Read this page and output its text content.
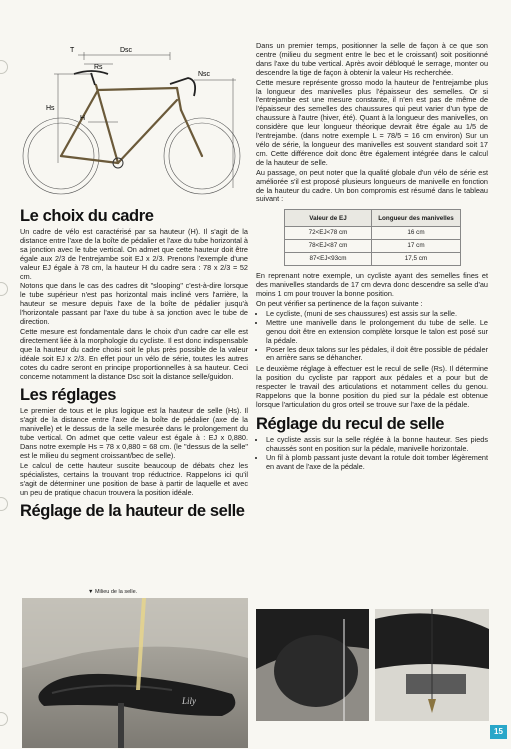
T	Dsc
Rs
Nsc
Hs
H
Le choix du cadre

Un cadre de vélo est caractérisé par sa hauteur (H). Il s'agit de la distance entre l'axe de la boîte de pédalier et l'axe du tube horizontal à sa jonction avec le tube vertical. On admet que cette hauteur doit être égale aux 2/3 de l'entrejambe soit EJ x 2/3. Prenons l'exemple d'une valeur EJ égale à 78 cm, la hauteur H du cadre sera : 78 x 2/3 = 52 cm.

Notons que dans le cas des cadres dit "slooping" c'est-à-dire lorsque le tube supérieur n'est pas horizontal mais incliné vers l'arrière, la hauteur se mesure depuis l'axe de la boîte de pédalier jusqu'à l'horizontale passant par l'axe du tube à sa jonction avec le tube de direction.

Cette mesure est fondamentale dans le choix d'un cadre car elle est directement liée à la morphologie du cycliste. Il est donc indispensable que la hauteur du cadre choisi soit le plus près possible de la valeur idéale soit EJ x 2/3. En effet pour un vélo de série, toutes les autres cotes du cadre seront en principe proportionnelles à sa hauteur. Ceci concerne notamment la distance Dsc soit la distance selle/guidon.

Les réglages

Le premier de tous et le plus logique est la hauteur de selle (Hs). Il s'agit de la distance entre l'axe de la boîte de pédalier (axe de la manivelle) et le dessus de la selle mesurée dans le prolongement du tube vertical. On admet que cette valeur est égale à : EJ x 0,880. Dans notre exemple Hs = 78 x 0,880 = 68 cm. (le "dessus de la selle" est le milieu du segment croissant/bec de selle).

Le calcul de cette hauteur suscite beaucoup de débats chez les spécialistes, certains la trouvant trop réductrice. Rappelons ici qu'il s'agit de déterminer une position de base à partir de laquelle et avec un peu de pratique chacun trouvera la position idéale.

Réglage de la hauteur de selle
▼ Milieu de la selle.
Lily

Dans un premier temps, positionner la selle de façon à ce que son centre (milieu du segment entre le bec et le croissant) soit positionné dans l'axe du tube vertical. Après avoir débloqué le serrage, monter ou descendre la tige de façon à obtenir la valeur Hs recherchée.

Cette mesure représente grosso modo la hauteur de l'entrejambe plus la longueur des manivelles plus l'épaisseur des semelles. Or si l'entrejambe est une mesure constante, il n'en est pas de même de l'épaisseur des semelles des chaussures qui peut varier d'un type de chaussure à l'autre (hiver, été). Quant à la longueur des manivelles, on considère que leur longueur théorique devrait être égale au 1/5 de l'entrejambe. (dans notre exemple L = 78/5 = 16 cm environ) Sur un vélo de série, la longueur des manivelles est souvent standard soit 17 cm. Cette différence doit donc être également intégrée dans le calcul de la hauteur de selle.

Au passage, on peut noter que la qualité globale d'un vélo de série est améliorée s'il est proposé plusieurs longueurs de manivelle en fonction de la hauteur du cadre. Un bon compromis est résumé dans le tableau suivant :

Valeur de EJ	Longueur des manivelles
72<EJ<78 cm	16 cm
78<EJ<87 cm	17 cm
87<EJ<93cm	17,5 cm

En reprenant notre exemple, un cycliste ayant des semelles fines et des manivelles standards de 17 cm devra donc descendre sa selle d'au moins 1 cm pour trouver la bonne position.

On peut vérifier sa pertinence de la façon suivante :

• Le cycliste, (muni de ses chaussures) est assis sur la selle.
• Mettre une manivelle dans le prolongement du tube de selle. Le genou doit être en extension complète lorsque le talon est posé sur la pédale.
• Poser les deux talons sur les pédales, il doit être possible de pédaler en arrière sans se déhancher.

Le deuxième réglage à effectuer est le recul de selle (Rs). Il détermine la position du cycliste par rapport aux pédales et a pour but de respecter le travail des articulations et notamment celles du genou. Rappelons que la bonne position du pied sur la pédale est obtenue lorsque l'articulation du gros orteil se trouve sur l'axe de la pédale.

Réglage du recul de selle
• Le cycliste assis sur la selle réglée à la bonne hauteur. Ses pieds chaussés sont en position sur la pédale, manivelle horizontale.
• Un fil à plomb passant juste devant la rotule doit tomber légèrement en avant de l'axe de la pédale.
15
